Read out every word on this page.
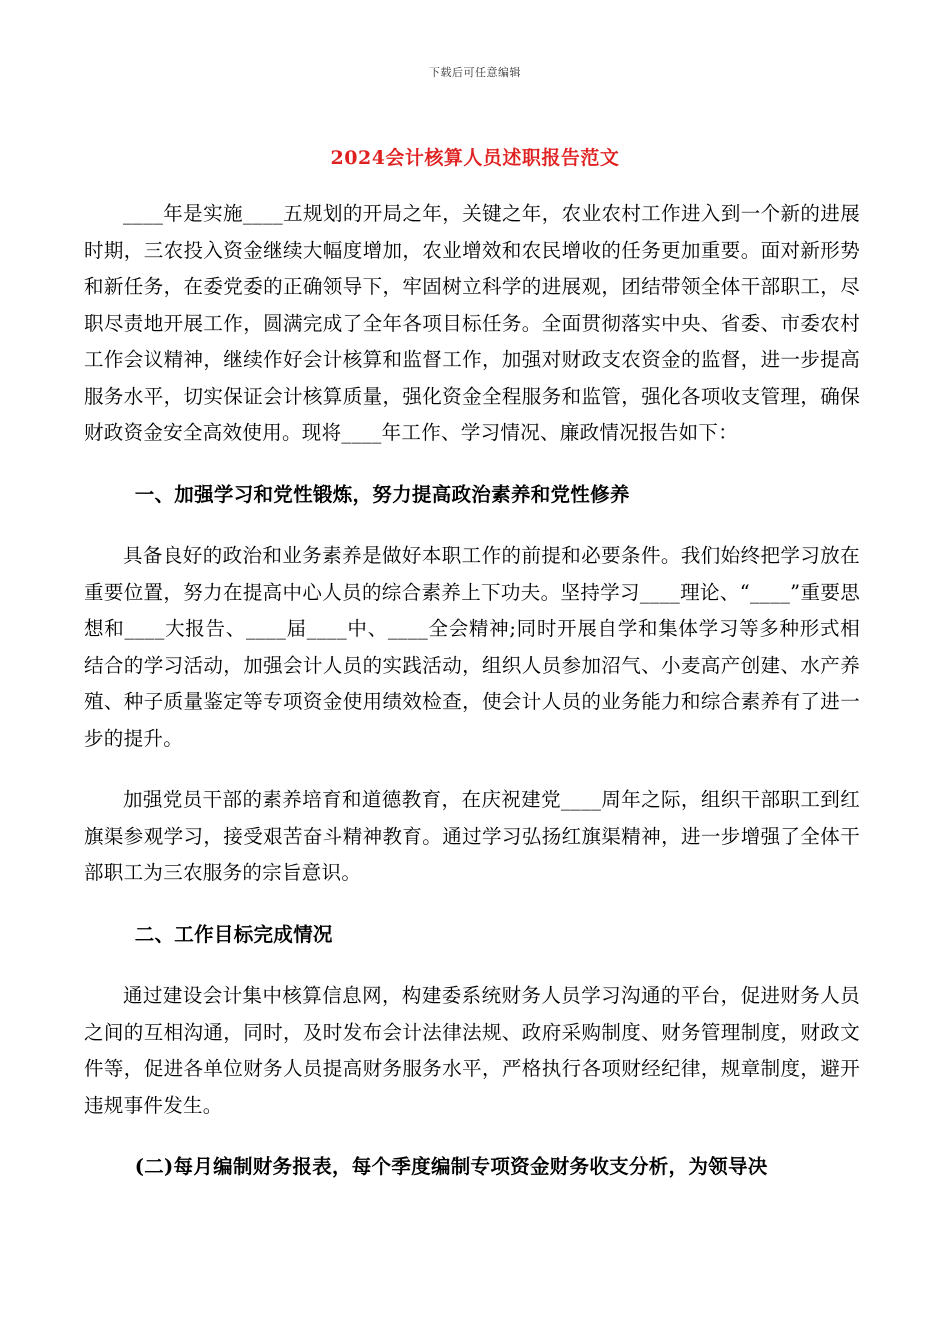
下载后可任意编辑
2024会计核算人员述职报告范文

____年是实施____五规划的开局之年，关键之年，农业农村工作进入到一个新的进展时期，三农投入资金继续大幅度增加，农业增效和农民增收的任务更加重要。面对新形势和新任务，在委党委的正确领导下，牢固树立科学的进展观，团结带领全体干部职工，尽职尽责地开展工作，圆满完成了全年各项目标任务。全面贯彻落实中央、省委、市委农村工作会议精神，继续作好会计核算和监督工作，加强对财政支农资金的监督，进一步提高服务水平，切实保证会计核算质量，强化资金全程服务和监管，强化各项收支管理，确保财政资金安全高效使用。现将____年工作、学习情况、廉政情况报告如下：

一、加强学习和党性锻炼，努力提高政治素养和党性修养

具备良好的政治和业务素养是做好本职工作的前提和必要条件。我们始终把学习放在重要位置，努力在提高中心人员的综合素养上下功夫。坚持学习____理论、“____”重要思想和____大报告、____届____中、____全会精神;同时开展自学和集体学习等多种形式相结合的学习活动，加强会计人员的实践活动，组织人员参加沼气、小麦高产创建、水产养殖、种子质量鉴定等专项资金使用绩效检查，使会计人员的业务能力和综合素养有了进一步的提升。

加强党员干部的素养培育和道德教育，在庆祝建党____周年之际，组织干部职工到红旗渠参观学习，接受艰苦奋斗精神教育。通过学习弘扬红旗渠精神，进一步增强了全体干部职工为三农服务的宗旨意识。

二、工作目标完成情况

通过建设会计集中核算信息网，构建委系统财务人员学习沟通的平台，促进财务人员之间的互相沟通，同时，及时发布会计法律法规、政府采购制度、财务管理制度，财政文件等，促进各单位财务人员提高财务服务水平，严格执行各项财经纪律，规章制度，避开违规事件发生。

(二)每月编制财务报表，每个季度编制专项资金财务收支分析，为领导决
